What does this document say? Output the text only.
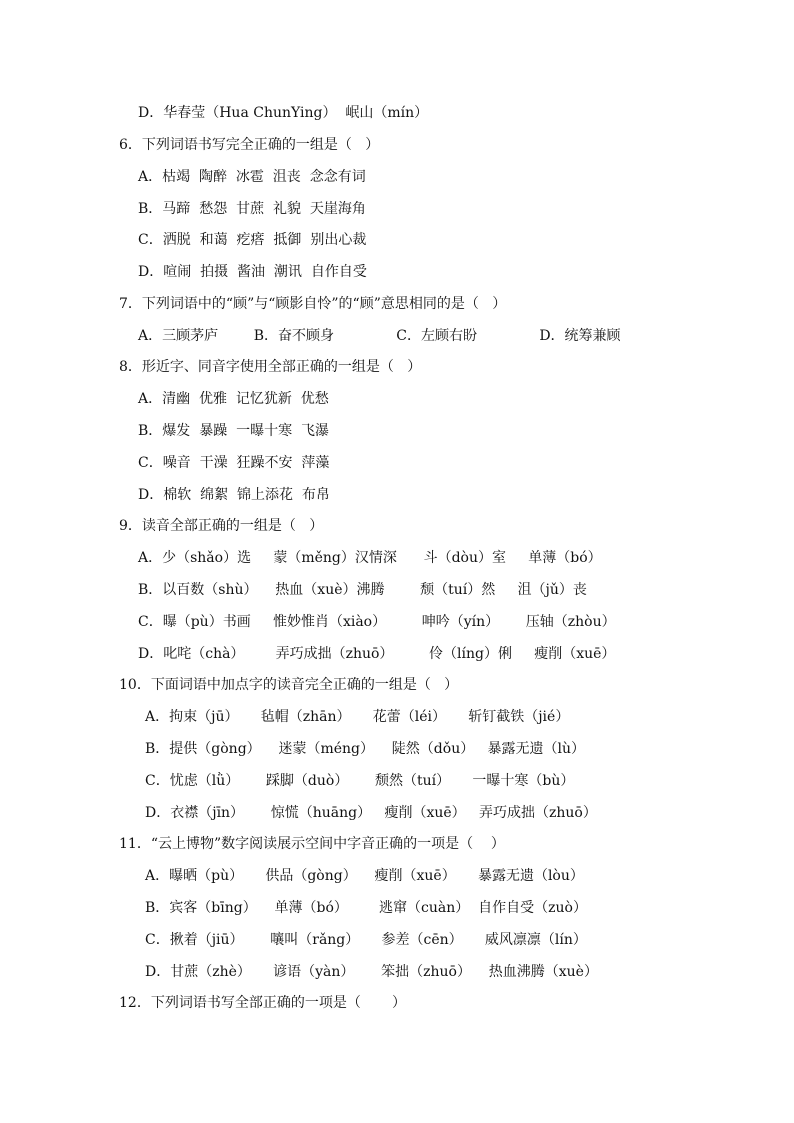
D．华春莹（Hua ChunYing）  岷山（mín）
6．下列词语书写完全正确的一组是（   ）
A．枯竭  陶醉  冰雹  沮丧  念念有词
B．马蹄  愁怨  甘蔗  礼貌  天崖海角
C．洒脱  和蔼  疙瘩  抵御  别出心裁
D．喧闹  拍摄  酱油  潮讯  自作自受
7．下列词语中的“顾”与“顾影自怜”的“顾”意思相同的是（   ）
A．三顾茅庐        B．奋不顾身              C．左顾右盼              D．统筹兼顾
8．形近字、同音字使用全部正确的一组是（   ）
A．清幽  优雅  记忆犹新  优愁
B．爆发  暴躁  一曝十寒  飞瀑
C．噪音  干澡  狂躁不安  萍藻
D．棉软  绵絮  锦上添花  布帛
9．读音全部正确的一组是（   ）
A．少（shǎo）选     蒙（měng）汉情深      斗（dòu）室     单薄（bó）
B．以百数（shù）    热血（xuè）沸腾        颓（tuí）然     沮（jǔ）丧
C．曝（pù）书画     惟妙惟肖（xiào）        呻吟（yín）      压轴（zhòu）
D．叱咤（chà）       弄巧成拙（zhuō）        伶（líng）俐     瘦削（xuē）
10．下面词语中加点字的读音完全正确的一组是（   ）
A．拘束（jū）     毡帽（zhān）     花蕾（léi）     斩钉截铁（jié）
B．提供（gòng）    迷蒙（méng）    陡然（dǒu）   暴露无遗（lù）
C．忧虑（lǜ）      踩脚（duò）      颓然（tuí）     一曝十寒（bù）
D．衣襟（jīn）      惊慌（huāng）   瘦削（xuē）   弄巧成拙（zhuō）
11．“云上博物”数字阅读展示空间中字音正确的一项是（    ）
A．曝晒（pù）     供品（gòng）    瘦削（xuē）     暴露无遗（lòu）
B．宾客（bīng）    单薄（bó）       逃窜（cuàn）  自作自受（zuò）
C．揪着（jiū）      嚷叫（rǎng）     参差（cēn）     威风凛凛（lín）
D．甘蔗（zhè）     谚语（yàn）      笨拙（zhuō）    热血沸腾（xuè）
12．下列词语书写全部正确的一项是（       ）
